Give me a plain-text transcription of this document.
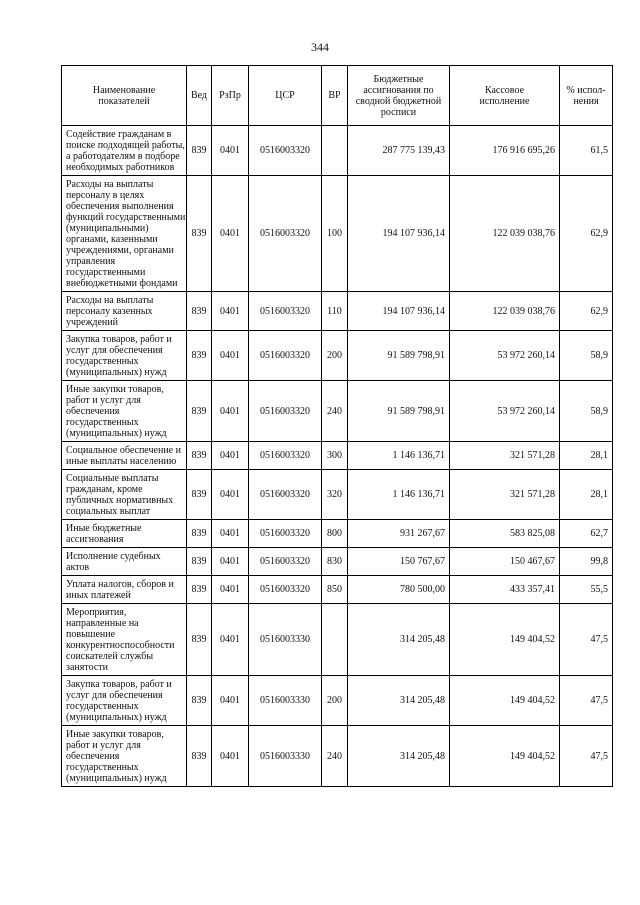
344
Наименование показателей	Вед	РзПр	ЦСР	ВР	Бюджетные ассигнования по сводной бюджетной росписи	Кассовое исполнение	% испол-нения
Содействие гражданам в поиске подходящей работы, а работодателям в подборе необходимых работников	839	0401	0516003320		287 775 139,43	176 916 695,26	61,5
Расходы на выплаты персоналу в целях обеспечения выполнения функций государственными (муниципальными) органами, казенными учреждениями, органами управления государственными внебюджетными фондами	839	0401	0516003320	100	194 107 936,14	122 039 038,76	62,9
Расходы на выплаты персоналу казенных учреждений	839	0401	0516003320	110	194 107 936,14	122 039 038,76	62,9
Закупка товаров, работ и услуг для обеспечения государственных (муниципальных) нужд	839	0401	0516003320	200	91 589 798,91	53 972 260,14	58,9
Иные закупки товаров, работ и услуг для обеспечения государственных (муниципальных) нужд	839	0401	0516003320	240	91 589 798,91	53 972 260,14	58,9
Социальное обеспечение и иные выплаты населению	839	0401	0516003320	300	1 146 136,71	321 571,28	28,1
Социальные выплаты гражданам, кроме публичных нормативных социальных выплат	839	0401	0516003320	320	1 146 136,71	321 571,28	28,1
Иные бюджетные ассигнования	839	0401	0516003320	800	931 267,67	583 825,08	62,7
Исполнение судебных актов	839	0401	0516003320	830	150 767,67	150 467,67	99,8
Уплата налогов, сборов и иных платежей	839	0401	0516003320	850	780 500,00	433 357,41	55,5
Мероприятия, направленные на повышение конкурентноспособности соискателей службы занятости	839	0401	0516003330		314 205,48	149 404,52	47,5
Закупка товаров, работ и услуг для обеспечения государственных (муниципальных) нужд	839	0401	0516003330	200	314 205,48	149 404,52	47,5
Иные закупки товаров, работ и услуг для обеспечения государственных (муниципальных) нужд	839	0401	0516003330	240	314 205,48	149 404,52	47,5
